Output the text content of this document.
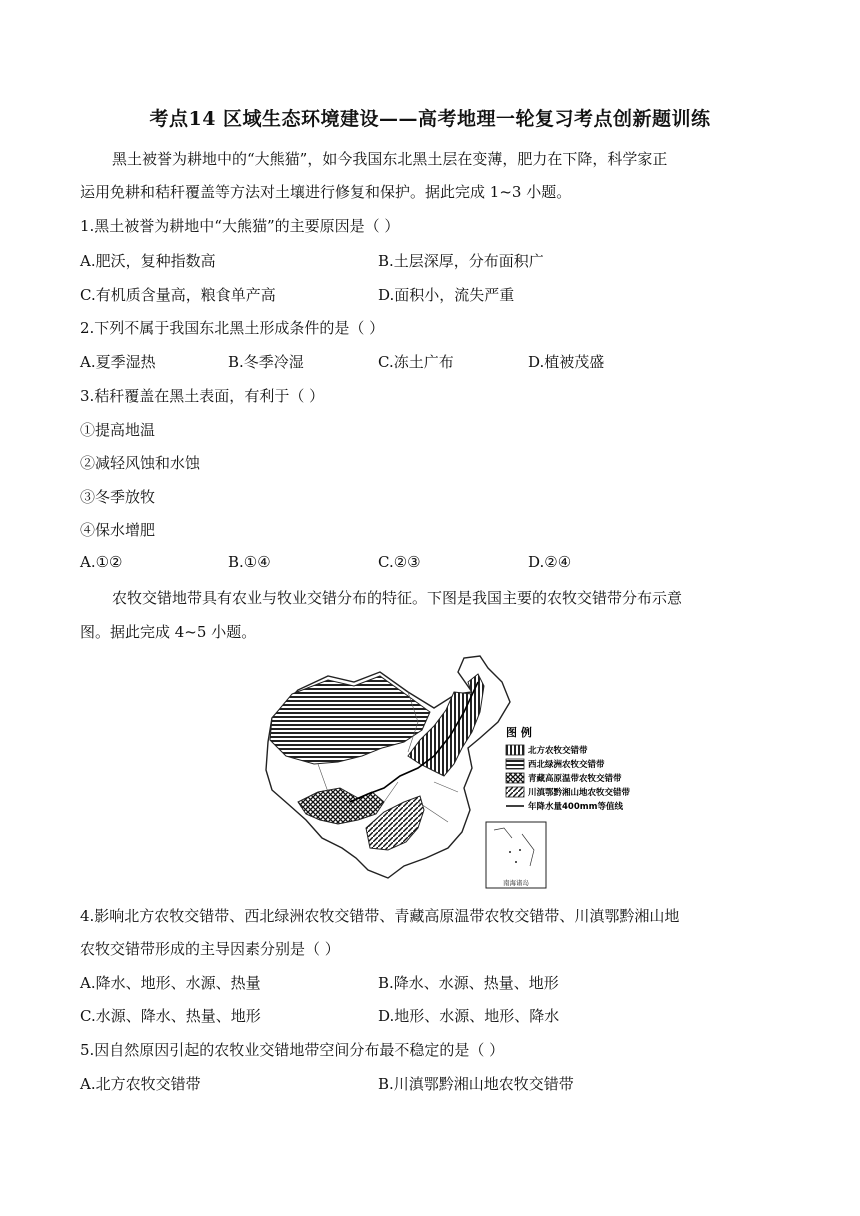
考点14 区域生态环境建设——高考地理一轮复习考点创新题训练
黑土被誉为耕地中的“大熊猫”，如今我国东北黑土层在变薄，肥力在下降，科学家正
运用免耕和秸秆覆盖等方法对土壤进行修复和保护。据此完成 1~3 小题。
1.黑土被誉为耕地中“大熊猫”的主要原因是（ ）
A.肥沃，复种指数高	B.土层深厚，分布面积广
C.有机质含量高，粮食单产高	D.面积小，流失严重
2.下列不属于我国东北黑土形成条件的是（ ）
A.夏季湿热	B.冬季冷湿	C.冻土广布	D.植被茂盛
3.秸秆覆盖在黑土表面，有利于（ ）
①提高地温
②减轻风蚀和水蚀
③冬季放牧
④保水增肥
A.①②	B.①④	C.②③	D.②④
农牧交错地带具有农业与牧业交错分布的特征。下图是我国主要的农牧交错带分布示意
图。据此完成 4~5 小题。
南海诸岛
图 例
北方农牧交错带
西北绿洲农牧交错带
青藏高原温带农牧交错带
川滇鄂黔湘山地农牧交错带
年降水量400mm等值线
4.影响北方农牧交错带、西北绿洲农牧交错带、青藏高原温带农牧交错带、川滇鄂黔湘山地
农牧交错带形成的主导因素分别是（ ）
A.降水、地形、水源、热量	B.降水、水源、热量、地形
C.水源、降水、热量、地形	D.地形、水源、地形、降水
5.因自然原因引起的农牧业交错地带空间分布最不稳定的是（ ）
A.北方农牧交错带	B.川滇鄂黔湘山地农牧交错带
